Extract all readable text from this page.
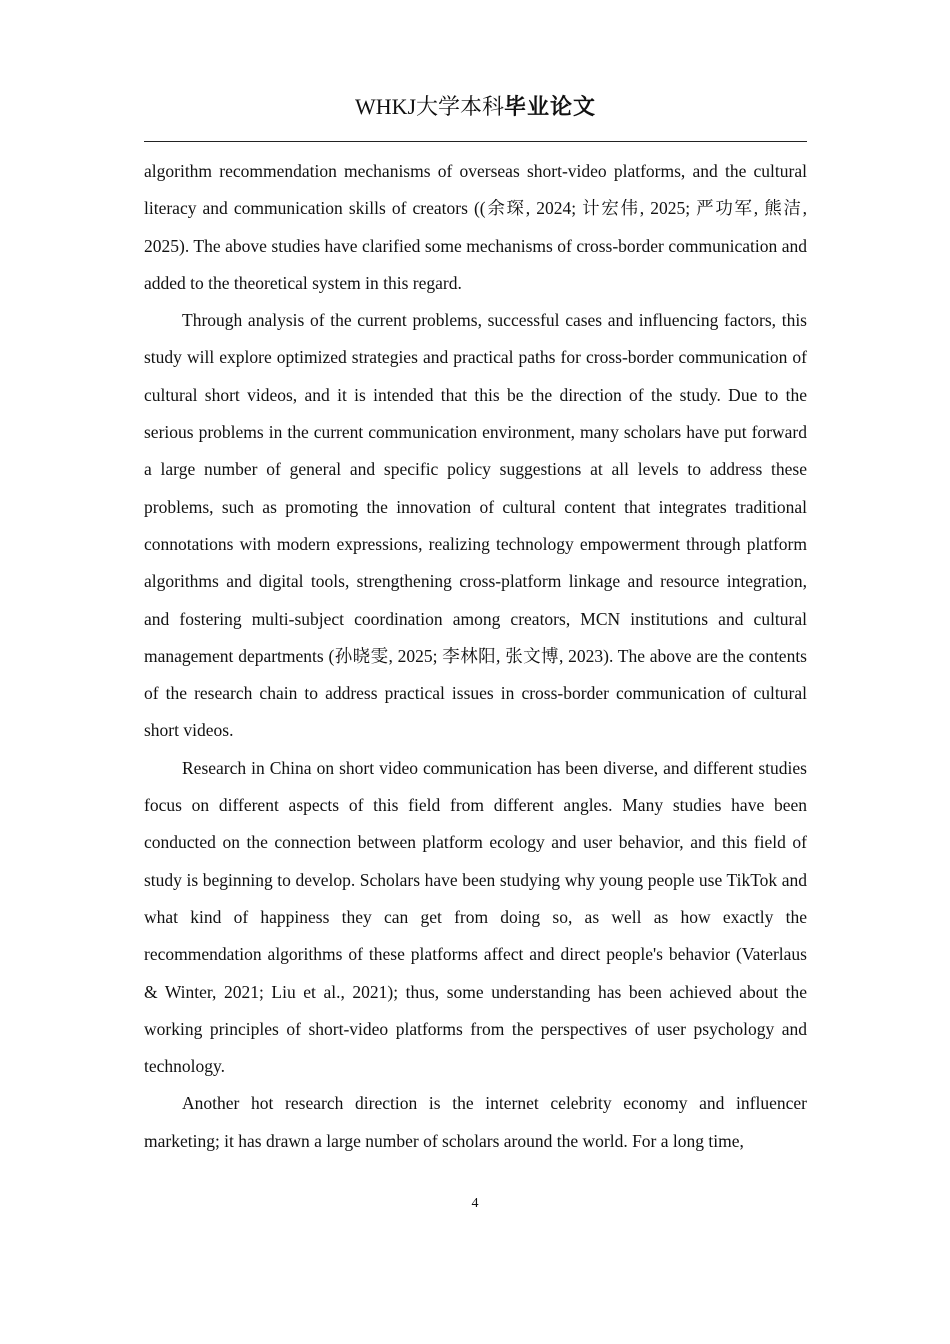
WHKJ大学本科毕业论文

algorithm recommendation mechanisms of overseas short-video platforms, and the cultural literacy and communication skills of creators ((余琛, 2024; 计宏伟, 2025; 严功军, 熊洁, 2025). The above studies have clarified some mechanisms of cross-border communication and added to the theoretical system in this regard.

Through analysis of the current problems, successful cases and influencing factors, this study will explore optimized strategies and practical paths for cross-border communication of cultural short videos, and it is intended that this be the direction of the study. Due to the serious problems in the current communication environment, many scholars have put forward a large number of general and specific policy suggestions at all levels to address these problems, such as promoting the innovation of cultural content that integrates traditional connotations with modern expressions, realizing technology empowerment through platform algorithms and digital tools, strengthening cross-platform linkage and resource integration, and fostering multi-subject coordination among creators, MCN institutions and cultural management departments (孙晓雯, 2025; 李林阳, 张文博, 2023). The above are the contents of the research chain to address practical issues in cross-border communication of cultural short videos.

Research in China on short video communication has been diverse, and different studies focus on different aspects of this field from different angles. Many studies have been conducted on the connection between platform ecology and user behavior, and this field of study is beginning to develop. Scholars have been studying why young people use TikTok and what kind of happiness they can get from doing so, as well as how exactly the recommendation algorithms of these platforms affect and direct people's behavior (Vaterlaus & Winter, 2021; Liu et al., 2021); thus, some understanding has been achieved about the working principles of short-video platforms from the perspectives of user psychology and technology.

Another hot research direction is the internet celebrity economy and influencer marketing; it has drawn a large number of scholars around the world. For a long time,

4
